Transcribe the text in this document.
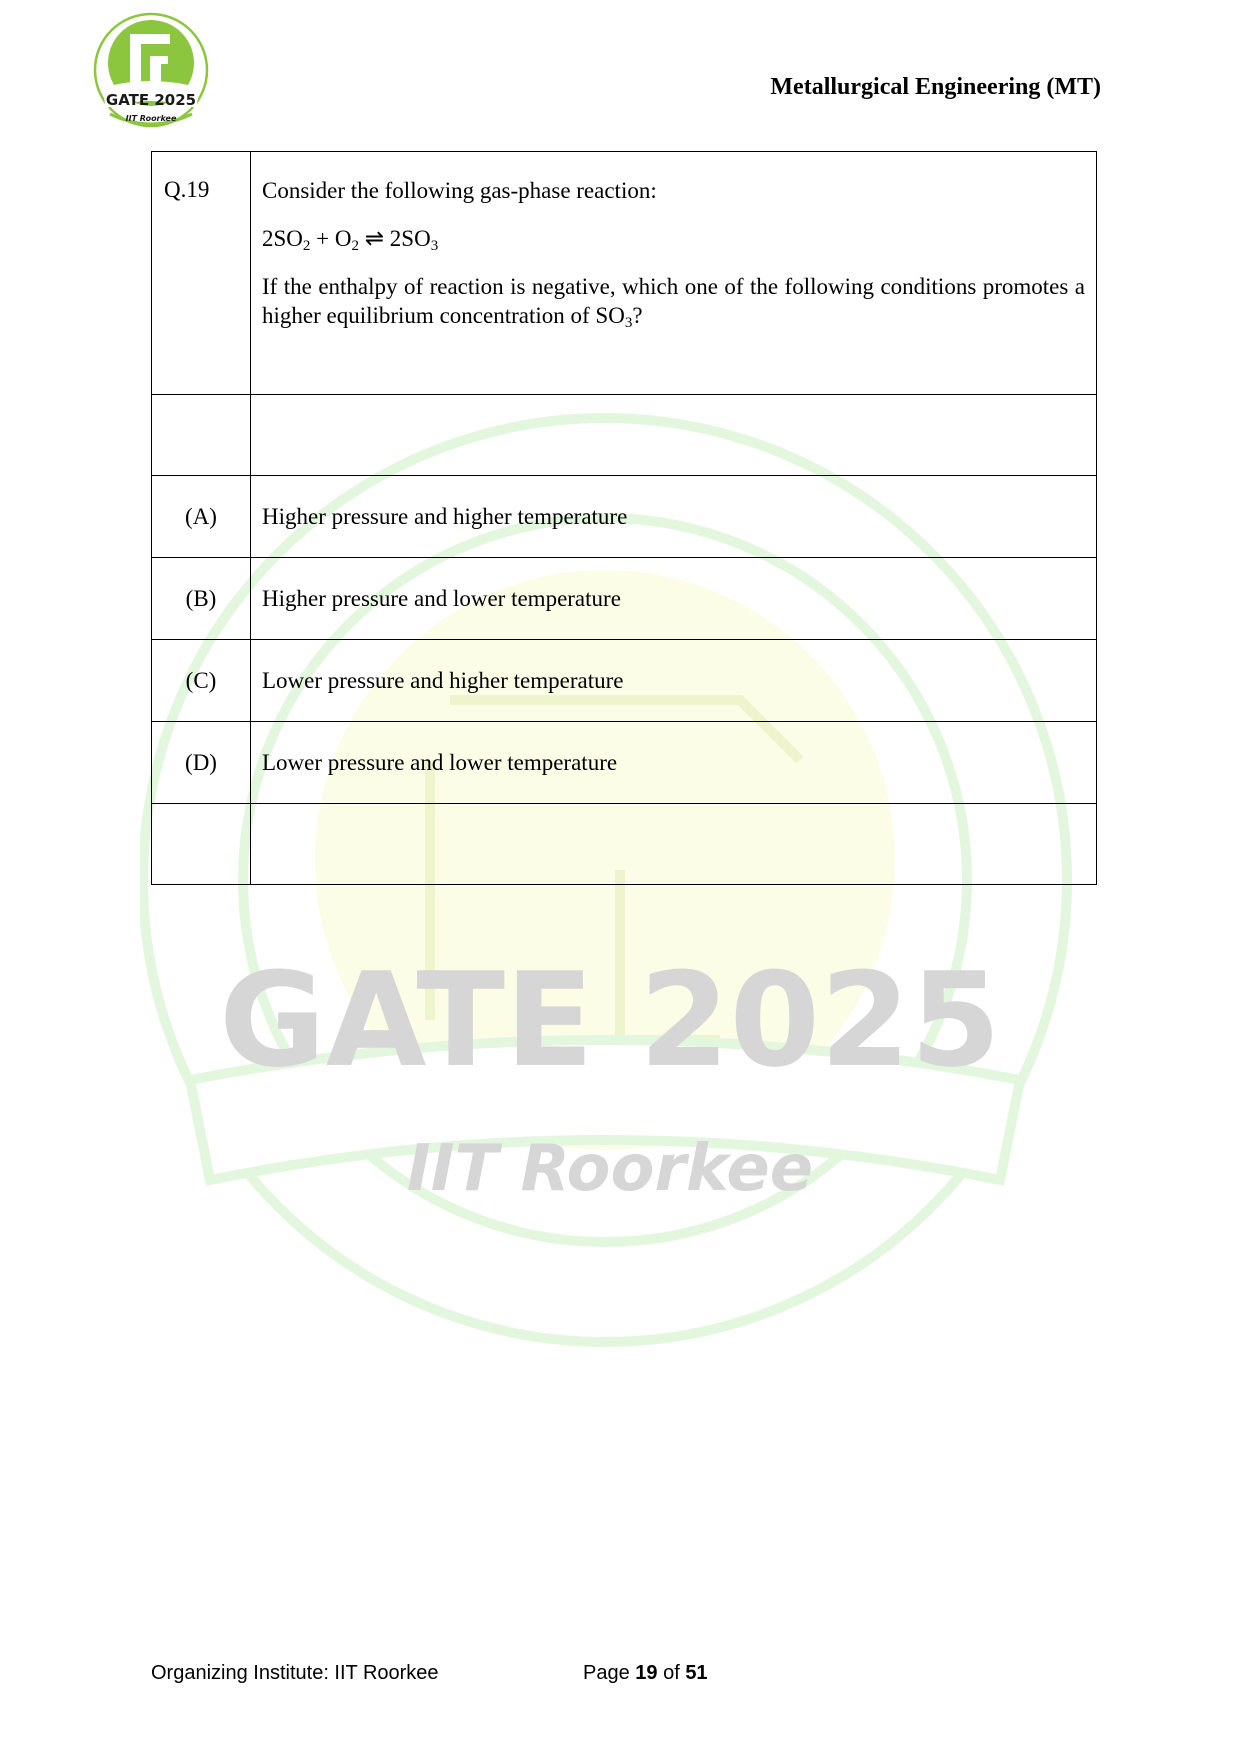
GATE 2025
IIT Roorkee
Metallurgical Engineering (MT)
GATE 2025
IIT Roorkee
Q.19	Consider the following gas-phase reaction:

$2SO_2 + O_2$ ⇌ $2SO_3$

If the enthalpy of reaction is negative, which one of the following conditions promotes a higher equilibrium concentration of $SO_3$?

(A)	Higher pressure and higher temperature
(B)	Higher pressure and lower temperature
(C)	Lower pressure and higher temperature
(D)	Lower pressure and lower temperature

Organizing Institute: IIT Roorkee	Page 19 of 51
